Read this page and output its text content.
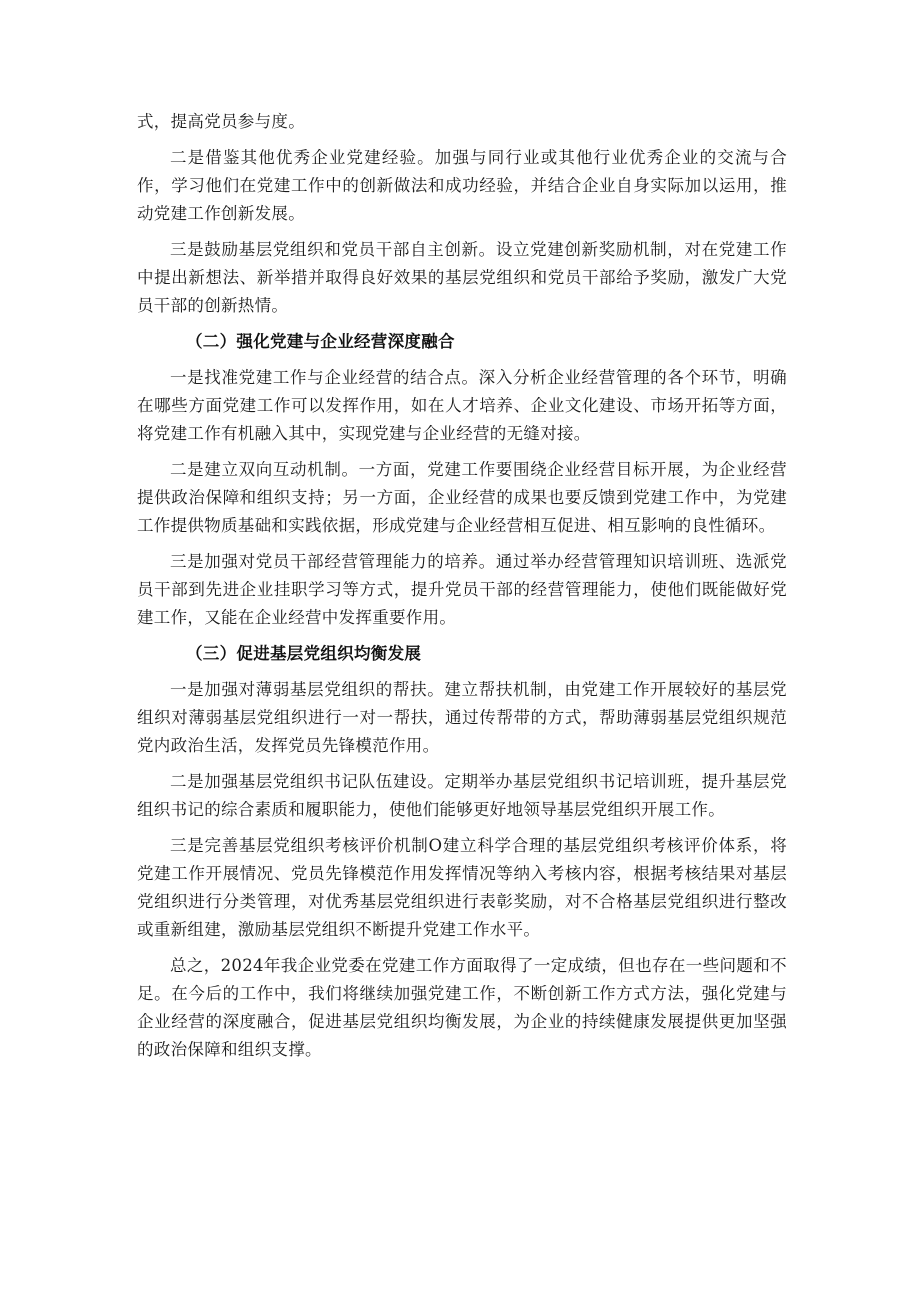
式，提高党员参与度。

二是借鉴其他优秀企业党建经验。加强与同行业或其他行业优秀企业的交流与合作，学习他们在党建工作中的创新做法和成功经验，并结合企业自身实际加以运用，推动党建工作创新发展。

三是鼓励基层党组织和党员干部自主创新。设立党建创新奖励机制，对在党建工作中提出新想法、新举措并取得良好效果的基层党组织和党员干部给予奖励，激发广大党员干部的创新热情。

（二）强化党建与企业经营深度融合

一是找准党建工作与企业经营的结合点。深入分析企业经营管理的各个环节，明确在哪些方面党建工作可以发挥作用，如在人才培养、企业文化建设、市场开拓等方面，将党建工作有机融入其中，实现党建与企业经营的无缝对接。

二是建立双向互动机制。一方面，党建工作要围绕企业经营目标开展，为企业经营提供政治保障和组织支持；另一方面，企业经营的成果也要反馈到党建工作中，为党建工作提供物质基础和实践依据，形成党建与企业经营相互促进、相互影响的良性循环。

三是加强对党员干部经营管理能力的培养。通过举办经营管理知识培训班、选派党员干部到先进企业挂职学习等方式，提升党员干部的经营管理能力，使他们既能做好党建工作，又能在企业经营中发挥重要作用。

（三）促进基层党组织均衡发展

一是加强对薄弱基层党组织的帮扶。建立帮扶机制，由党建工作开展较好的基层党组织对薄弱基层党组织进行一对一帮扶，通过传帮带的方式，帮助薄弱基层党组织规范党内政治生活，发挥党员先锋模范作用。

二是加强基层党组织书记队伍建设。定期举办基层党组织书记培训班，提升基层党组织书记的综合素质和履职能力，使他们能够更好地领导基层党组织开展工作。

三是完善基层党组织考核评价机制O建立科学合理的基层党组织考核评价体系，将党建工作开展情况、党员先锋模范作用发挥情况等纳入考核内容，根据考核结果对基层党组织进行分类管理，对优秀基层党组织进行表彰奖励，对不合格基层党组织进行整改或重新组建，激励基层党组织不断提升党建工作水平。

总之，2024年我企业党委在党建工作方面取得了一定成绩，但也存在一些问题和不足。在今后的工作中，我们将继续加强党建工作，不断创新工作方式方法，强化党建与企业经营的深度融合，促进基层党组织均衡发展，为企业的持续健康发展提供更加坚强的政治保障和组织支撑。
